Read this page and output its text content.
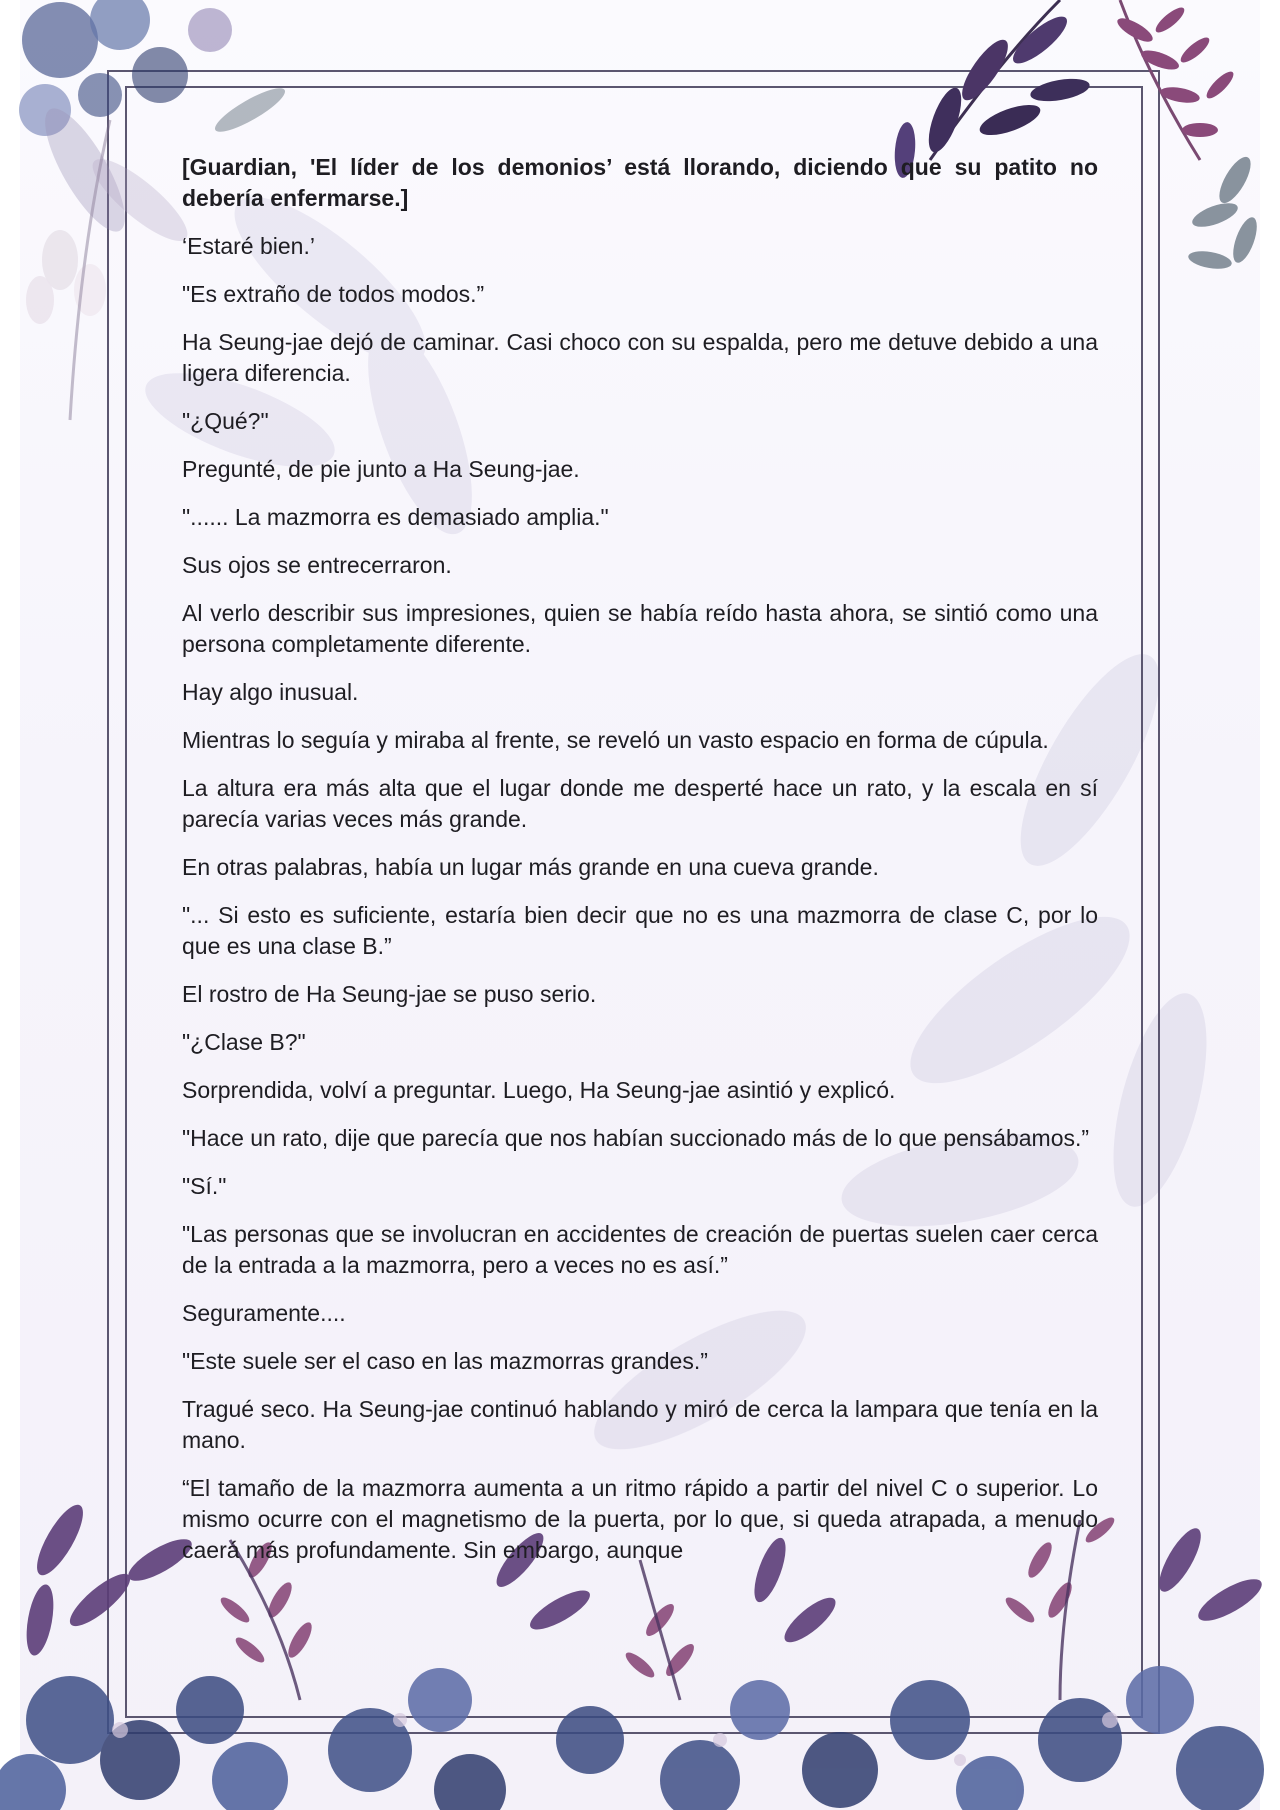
[Guardian, 'El líder de los demonios’ está llorando, diciendo que su patito no debería enfermarse.]

‘Estaré bien.’

"Es extraño de todos modos.”

Ha Seung-jae dejó de caminar. Casi choco con su espalda, pero me detuve debido a una ligera diferencia.

"¿Qué?"

Pregunté, de pie junto a Ha Seung-jae.

"...... La mazmorra es demasiado amplia."

Sus ojos se entrecerraron.

Al verlo describir sus impresiones, quien se había reído hasta ahora, se sintió como una persona completamente diferente.

Hay algo inusual.

Mientras lo seguía y miraba al frente, se reveló un vasto espacio en forma de cúpula.

La altura era más alta que el lugar donde me desperté hace un rato, y la escala en sí parecía varias veces más grande.

En otras palabras, había un lugar más grande en una cueva grande.

"... Si esto es suficiente, estaría bien decir que no es una mazmorra de clase C, por lo que es una clase B.”

El rostro de Ha Seung-jae se puso serio.

"¿Clase B?"

Sorprendida, volví a preguntar. Luego, Ha Seung-jae asintió y explicó.

"Hace un rato, dije que parecía que nos habían succionado más de lo que pensábamos.”

"Sí."

"Las personas que se involucran en accidentes de creación de puertas suelen caer cerca de la entrada a la mazmorra, pero a veces no es así.”

Seguramente....

"Este suele ser el caso en las mazmorras grandes.”

Tragué seco. Ha Seung-jae continuó hablando y miró de cerca la lampara que tenía en la mano.

“El tamaño de la mazmorra aumenta a un ritmo rápido a partir del nivel C o superior. Lo mismo ocurre con el magnetismo de la puerta, por lo que, si queda atrapada, a menudo caerá más profundamente. Sin embargo, aunque
